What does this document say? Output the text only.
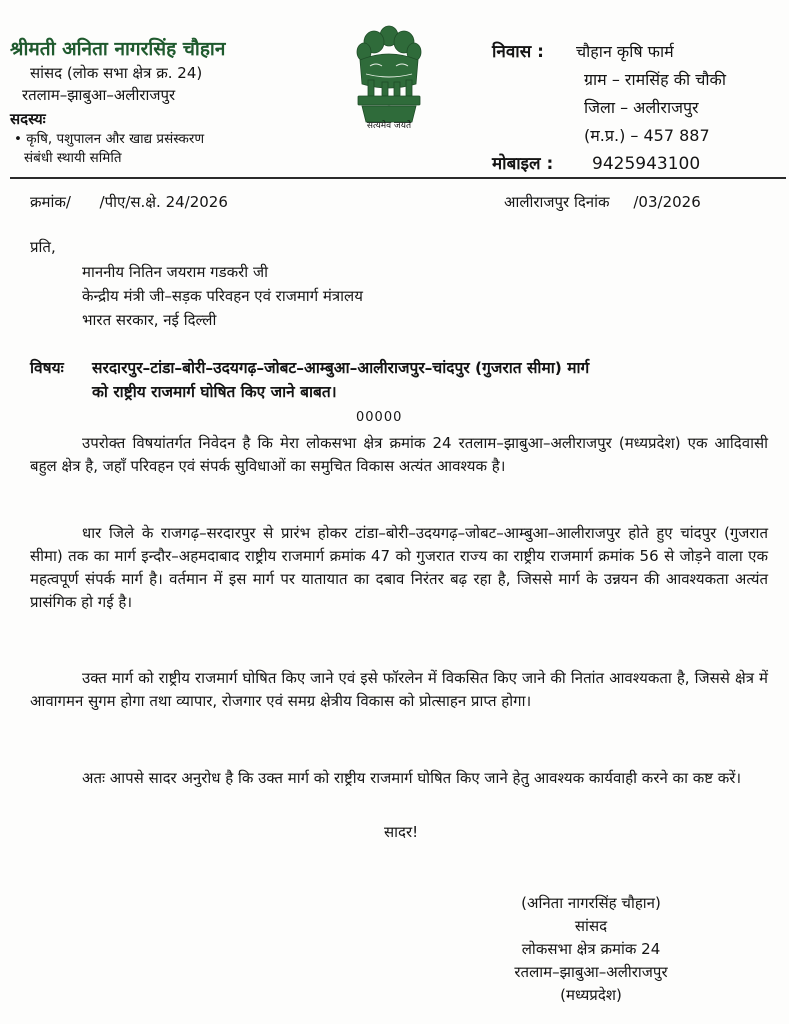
श्रीमती अनिता नागरसिंह चौहान
सांसद (लोक सभा क्षेत्र क्र. 24)
रतलाम–झाबुआ–अलीराजपुर
सदस्यः
• कृषि, पशुपालन और खाद्य प्रसंस्करण
संबंधी स्थायी समिति
सत्यमेव जयते
निवास : चौहान कृषि फार्म
ग्राम – रामसिंह की चौकी
जिला – अलीराजपुर
(म.प्र.) – 457 887
मोबाइल : 9425943100
क्रमांक/      /पीए/स.क्षे. 24/2026	आलीराजपुर दिनांक     /03/2026
प्रति,
माननीय नितिन जयराम गडकरी जी
केन्द्रीय मंत्री जी–सड़क परिवहन एवं राजमार्ग मंत्रालय
भारत सरकार, नई दिल्ली
विषयः सरदारपुर–टांडा–बोरी–उदयगढ़–जोबट–आम्बुआ–आलीराजपुर–चांदपुर (गुजरात सीमा) मार्ग
को राष्ट्रीय राजमार्ग घोषित किए जाने बाबत।
00000
उपरोक्त विषयांतर्गत निवेदन है कि मेरा लोकसभा क्षेत्र क्रमांक 24 रतलाम–झाबुआ–अलीराजपुर (मध्यप्रदेश) एक आदिवासी बहुल क्षेत्र है, जहाँ परिवहन एवं संपर्क सुविधाओं का समुचित विकास अत्यंत आवश्यक है।
धार जिले के राजगढ़–सरदारपुर से प्रारंभ होकर टांडा–बोरी–उदयगढ़–जोबट–आम्बुआ–आलीराजपुर होते हुए चांदपुर (गुजरात सीमा) तक का मार्ग इन्दौर–अहमदाबाद राष्ट्रीय राजमार्ग क्रमांक 47 को गुजरात राज्य का राष्ट्रीय राजमार्ग क्रमांक 56 से जोड़ने वाला एक महत्वपूर्ण संपर्क मार्ग है। वर्तमान में इस मार्ग पर यातायात का दबाव निरंतर बढ़ रहा है, जिससे मार्ग के उन्नयन की आवश्यकता अत्यंत प्रासंगिक हो गई है।
उक्त मार्ग को राष्ट्रीय राजमार्ग घोषित किए जाने एवं इसे फॉरलेन में विकसित किए जाने की नितांत आवश्यकता है, जिससे क्षेत्र में आवागमन सुगम होगा तथा व्यापार, रोजगार एवं समग्र क्षेत्रीय विकास को प्रोत्साहन प्राप्त होगा।
अतः आपसे सादर अनुरोध है कि उक्त मार्ग को राष्ट्रीय राजमार्ग घोषित किए जाने हेतु आवश्यक कार्यवाही करने का कष्ट करें।
सादर!
(अनिता नागरसिंह चौहान)
सांसद
लोकसभा क्षेत्र क्रमांक 24
रतलाम–झाबुआ–अलीराजपुर
(मध्यप्रदेश)
